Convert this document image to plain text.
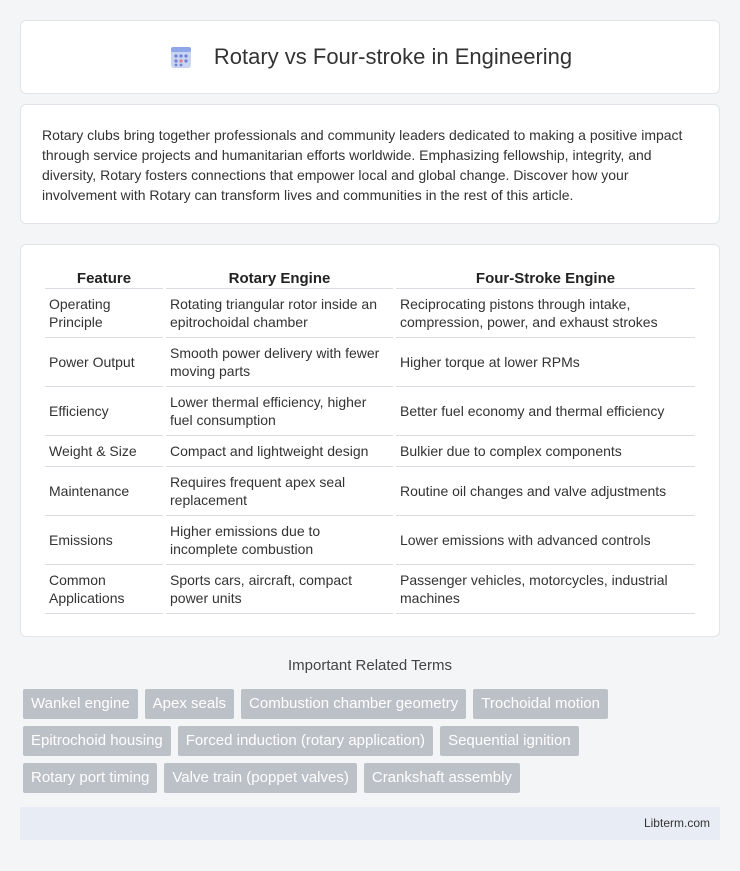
Rotary vs Four-stroke in Engineering

Rotary clubs bring together professionals and community leaders dedicated to making a positive impact through service projects and humanitarian efforts worldwide. Emphasizing fellowship, integrity, and diversity, Rotary fosters connections that empower local and global change. Discover how your involvement with Rotary can transform lives and communities in the rest of this article.

Feature	Rotary Engine	Four-Stroke Engine
Operating Principle	Rotating triangular rotor inside an epitrochoidal chamber	Reciprocating pistons through intake, compression, power, and exhaust strokes
Power Output	Smooth power delivery with fewer moving parts	Higher torque at lower RPMs
Efficiency	Lower thermal efficiency, higher fuel consumption	Better fuel economy and thermal efficiency
Weight & Size	Compact and lightweight design	Bulkier due to complex components
Maintenance	Requires frequent apex seal replacement	Routine oil changes and valve adjustments
Emissions	Higher emissions due to incomplete combustion	Lower emissions with advanced controls
Common Applications	Sports cars, aircraft, compact power units	Passenger vehicles, motorcycles, industrial machines
Important Related Terms
Wankel engine	Apex seals	Combustion chamber geometry	Trochoidal motion
Epitrochoid housing	Forced induction (rotary application)	Sequential ignition
Rotary port timing	Valve train (poppet valves)	Crankshaft assembly
Libterm.com
